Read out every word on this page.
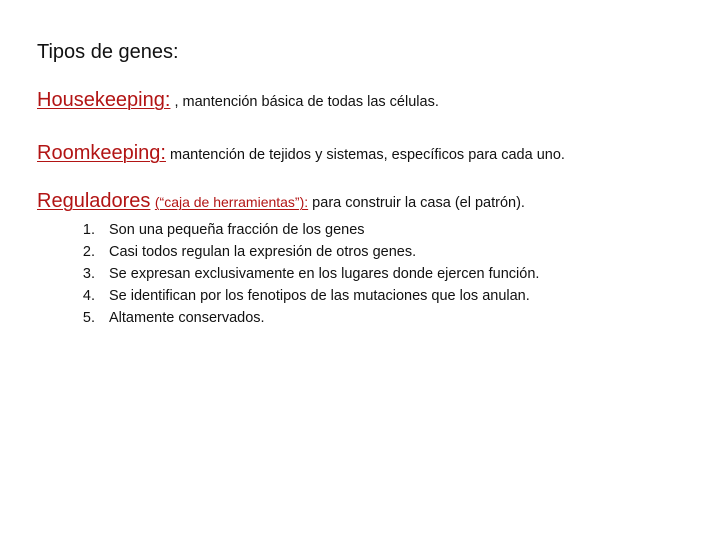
Tipos de genes:
Housekeeping: , mantención básica de todas las células.
Roomkeeping: mantención de tejidos y sistemas, específicos para cada uno.
Reguladores (“caja de herramientas”): para construir la casa (el patrón).
1. Son una pequeña fracción de los genes
2. Casi todos regulan la expresión de otros genes.
3. Se expresan exclusivamente en los lugares donde ejercen función.
4. Se identifican por los fenotipos de las mutaciones que los anulan.
5. Altamente conservados.
